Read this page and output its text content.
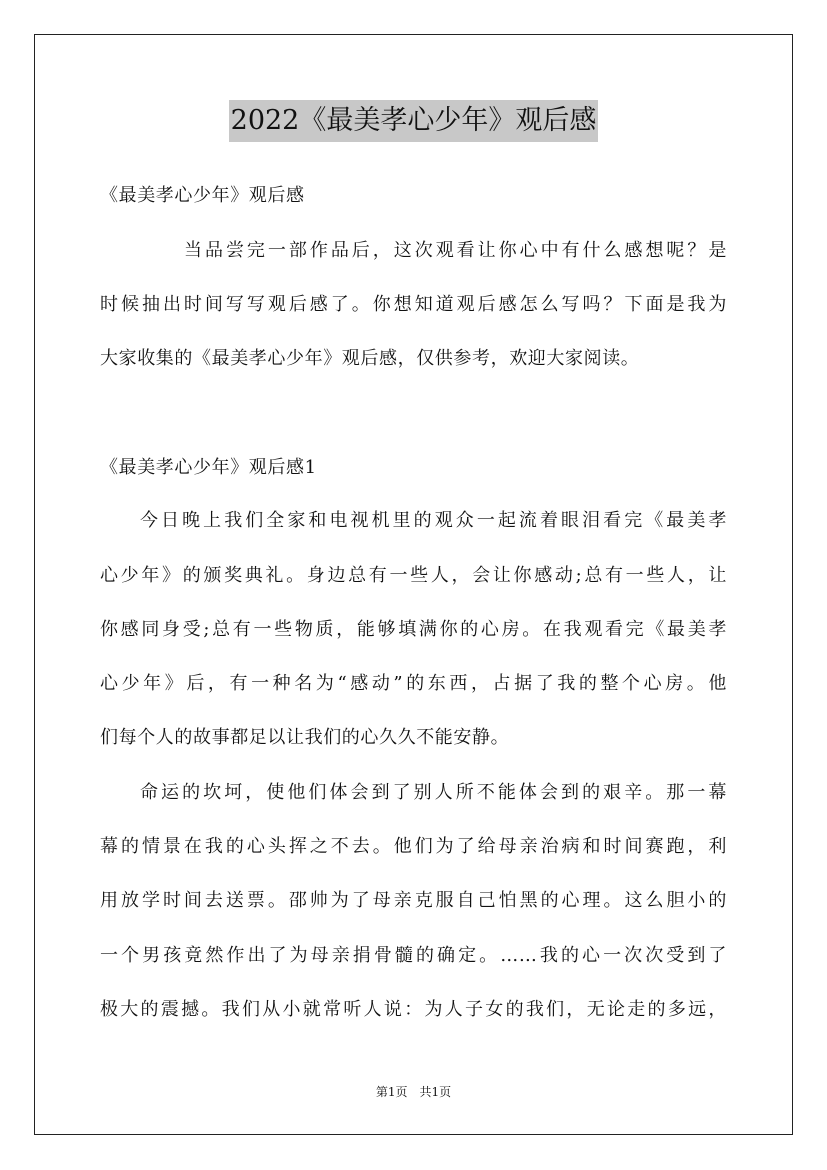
2022《最美孝心少年》观后感
《最美孝心少年》观后感
当品尝完一部作品后，这次观看让你心中有什么感想呢？是
时候抽出时间写写观后感了。你想知道观后感怎么写吗？下面是我为
大家收集的《最美孝心少年》观后感，仅供参考，欢迎大家阅读。
《最美孝心少年》观后感1
今日晚上我们全家和电视机里的观众一起流着眼泪看完《最美孝
心少年》的颁奖典礼。身边总有一些人，会让你感动;总有一些人，让
你感同身受;总有一些物质，能够填满你的心房。在我观看完《最美孝
心少年》后，有一种名为“感动”的东西，占据了我的整个心房。他
们每个人的故事都足以让我们的心久久不能安静。
命运的坎坷，使他们体会到了别人所不能体会到的艰辛。那一幕
幕的情景在我的心头挥之不去。他们为了给母亲治病和时间赛跑，利
用放学时间去送票。邵帅为了母亲克服自己怕黑的心理。这么胆小的
一个男孩竟然作出了为母亲捐骨髓的确定。……我的心一次次受到了
极大的震撼。我们从小就常听人说：为人子女的我们，无论走的多远，
第1页　共1页
